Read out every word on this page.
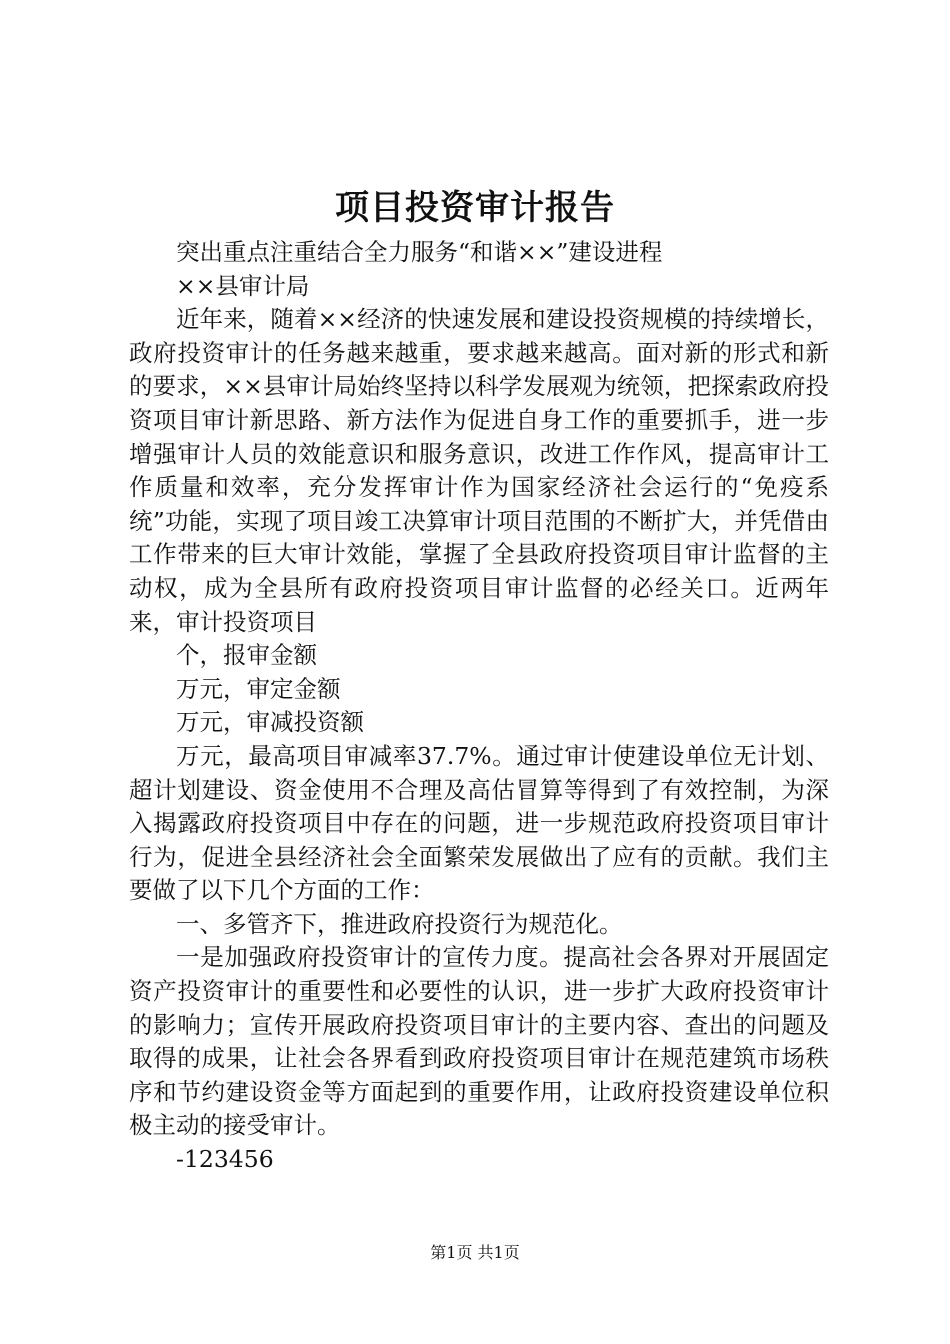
项目投资审计报告

突出重点注重结合全力服务“和谐××”建设进程

××县审计局

近年来，随着××经济的快速发展和建设投资规模的持续增长，政府投资审计的任务越来越重，要求越来越高。面对新的形式和新的要求，××县审计局始终坚持以科学发展观为统领，把探索政府投资项目审计新思路、新方法作为促进自身工作的重要抓手，进一步增强审计人员的效能意识和服务意识，改进工作作风，提高审计工作质量和效率，充分发挥审计作为国家经济社会运行的“免疫系统”功能，实现了项目竣工决算审计项目范围的不断扩大，并凭借由工作带来的巨大审计效能，掌握了全县政府投资项目审计监督的主动权，成为全县所有政府投资项目审计监督的必经关口。近两年来，审计投资项目

个，报审金额

万元，审定金额

万元，审减投资额

万元，最高项目审减率37.7%。通过审计使建设单位无计划、超计划建设、资金使用不合理及高估冒算等得到了有效控制，为深入揭露政府投资项目中存在的问题，进一步规范政府投资项目审计行为，促进全县经济社会全面繁荣发展做出了应有的贡献。我们主要做了以下几个方面的工作：

一、多管齐下，推进政府投资行为规范化。

一是加强政府投资审计的宣传力度。提高社会各界对开展固定资产投资审计的重要性和必要性的认识，进一步扩大政府投资审计的影响力；宣传开展政府投资项目审计的主要内容、查出的问题及取得的成果，让社会各界看到政府投资项目审计在规范建筑市场秩序和节约建设资金等方面起到的重要作用，让政府投资建设单位积极主动的接受审计。

-123456

第1页 共1页
